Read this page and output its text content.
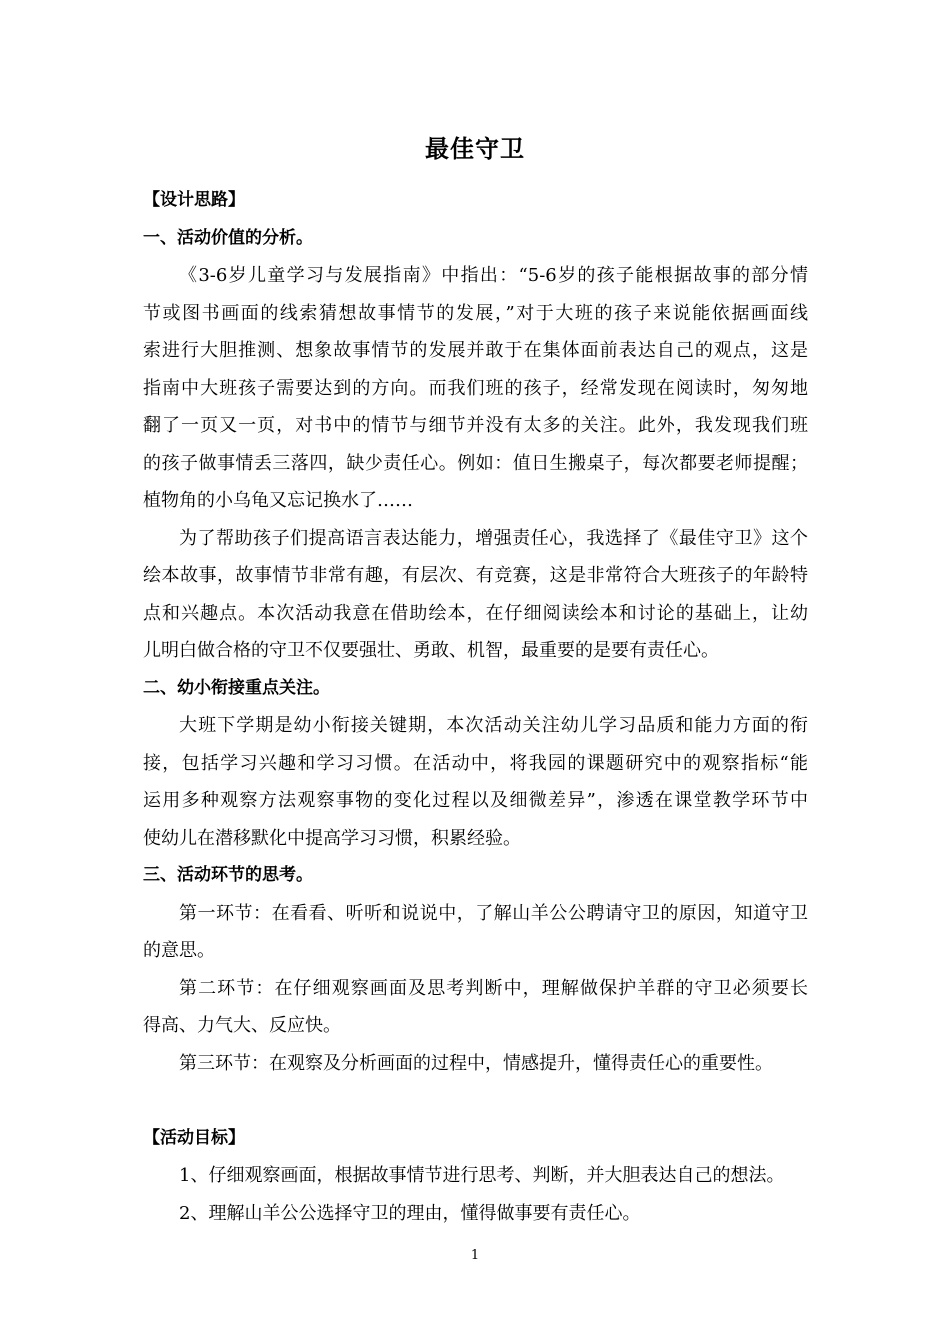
最佳守卫
【设计思路】
一、活动价值的分析。
《3-6岁儿童学习与发展指南》中指出：“5-6岁的孩子能根据故事的部分情
节或图书画面的线索猜想故事情节的发展，”对于大班的孩子来说能依据画面线
索进行大胆推测、想象故事情节的发展并敢于在集体面前表达自己的观点，这是
指南中大班孩子需要达到的方向。而我们班的孩子，经常发现在阅读时，匆匆地
翻了一页又一页，对书中的情节与细节并没有太多的关注。此外，我发现我们班
的孩子做事情丢三落四，缺少责任心。例如：值日生搬桌子，每次都要老师提醒；
植物角的小乌龟又忘记换水了……
为了帮助孩子们提高语言表达能力，增强责任心，我选择了《最佳守卫》这个
绘本故事，故事情节非常有趣，有层次、有竞赛，这是非常符合大班孩子的年龄特
点和兴趣点。本次活动我意在借助绘本，在仔细阅读绘本和讨论的基础上，让幼
儿明白做合格的守卫不仅要强壮、勇敢、机智，最重要的是要有责任心。
二、幼小衔接重点关注。
大班下学期是幼小衔接关键期，本次活动关注幼儿学习品质和能力方面的衔
接，包括学习兴趣和学习习惯。在活动中，将我园的课题研究中的观察指标“能
运用多种观察方法观察事物的变化过程以及细微差异”，渗透在课堂教学环节中
使幼儿在潜移默化中提高学习习惯，积累经验。
三、活动环节的思考。
第一环节：在看看、听听和说说中，了解山羊公公聘请守卫的原因，知道守卫
的意思。
第二环节：在仔细观察画面及思考判断中，理解做保护羊群的守卫必须要长
得高、力气大、反应快。
第三环节：在观察及分析画面的过程中，情感提升，懂得责任心的重要性。
【活动目标】
1、仔细观察画面，根据故事情节进行思考、判断，并大胆表达自己的想法。
2、理解山羊公公选择守卫的理由，懂得做事要有责任心。
1
